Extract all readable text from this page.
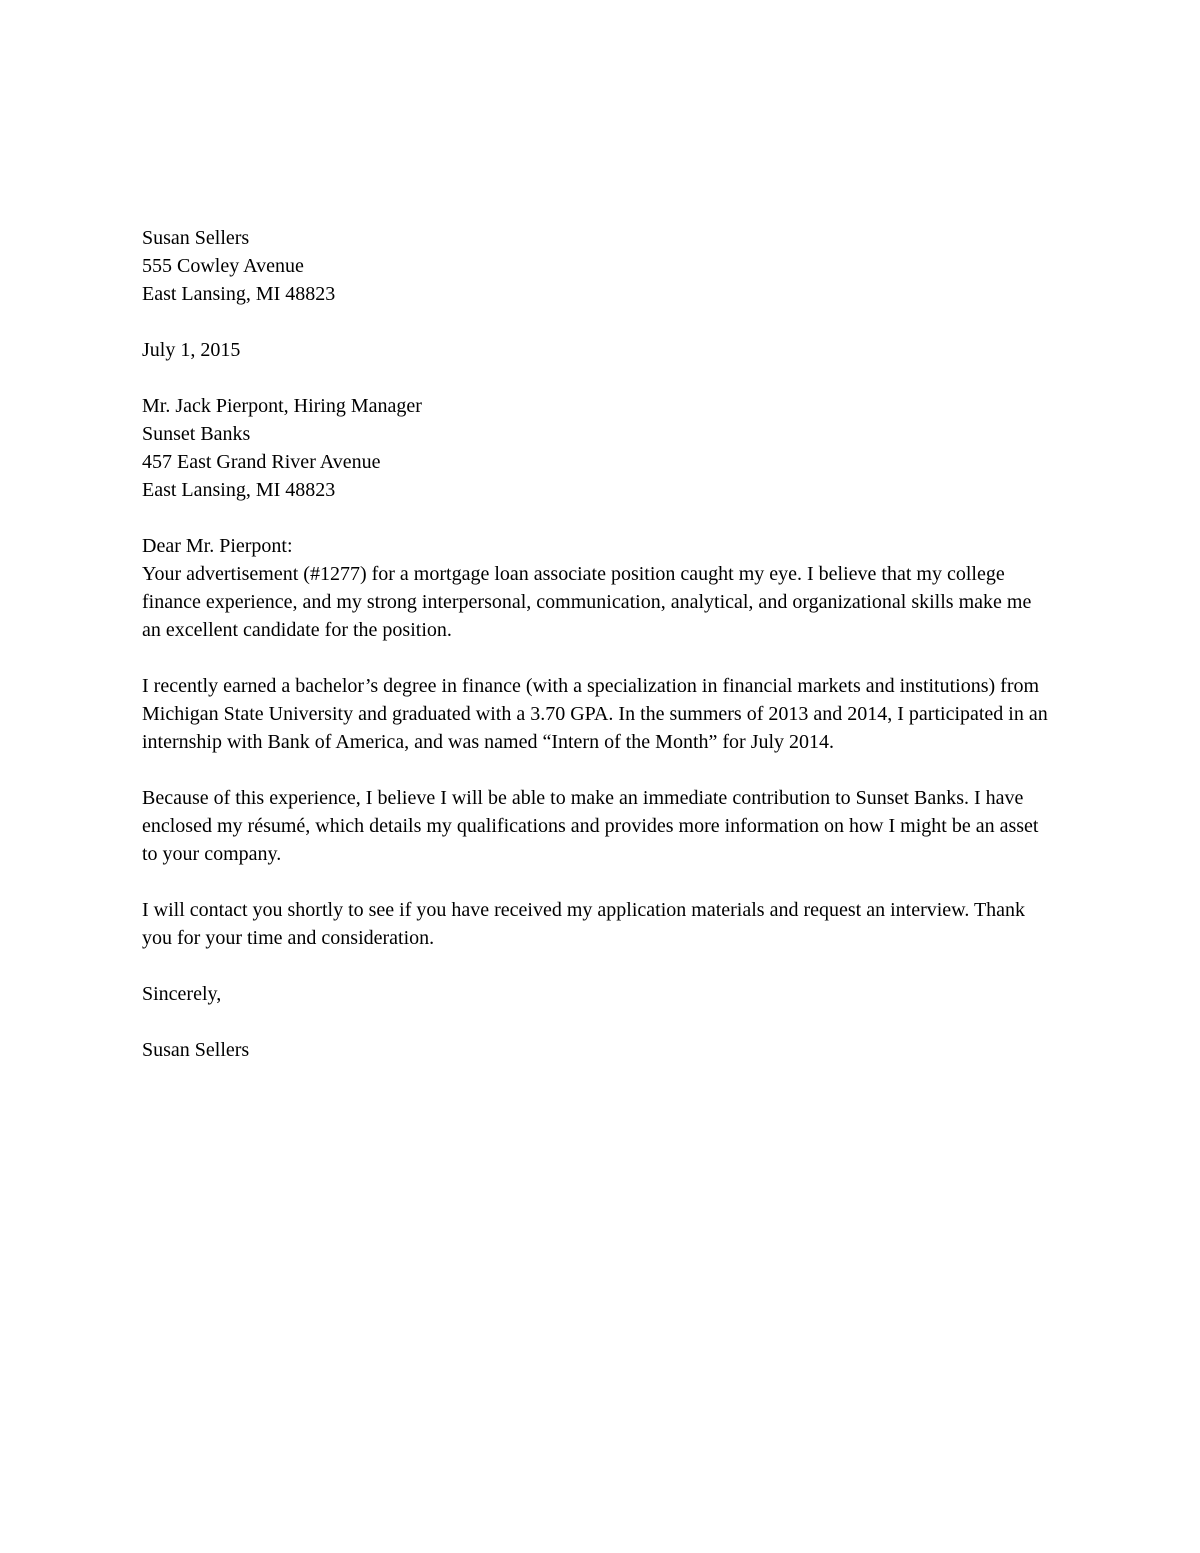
Susan Sellers
555 Cowley Avenue
East Lansing, MI 48823
July 1, 2015
Mr. Jack Pierpont, Hiring Manager
Sunset Banks
457 East Grand River Avenue
East Lansing, MI 48823
Dear Mr. Pierpont:

Your advertisement (#1277) for a mortgage loan associate position caught my eye. I believe that my college finance experience, and my strong interpersonal, communication, analytical, and organizational skills make me an excellent candidate for the position.

I recently earned a bachelor’s degree in finance (with a specialization in financial markets and institutions) from Michigan State University and graduated with a 3.70 GPA. In the summers of 2013 and 2014, I participated in an internship with Bank of America, and was named “Intern of the Month” for July 2014.

Because of this experience, I believe I will be able to make an immediate contribution to Sunset Banks. I have enclosed my résumé, which details my qualifications and provides more information on how I might be an asset to your company.

I will contact you shortly to see if you have received my application materials and request an interview. Thank you for your time and consideration.

Sincerely,
Susan Sellers
